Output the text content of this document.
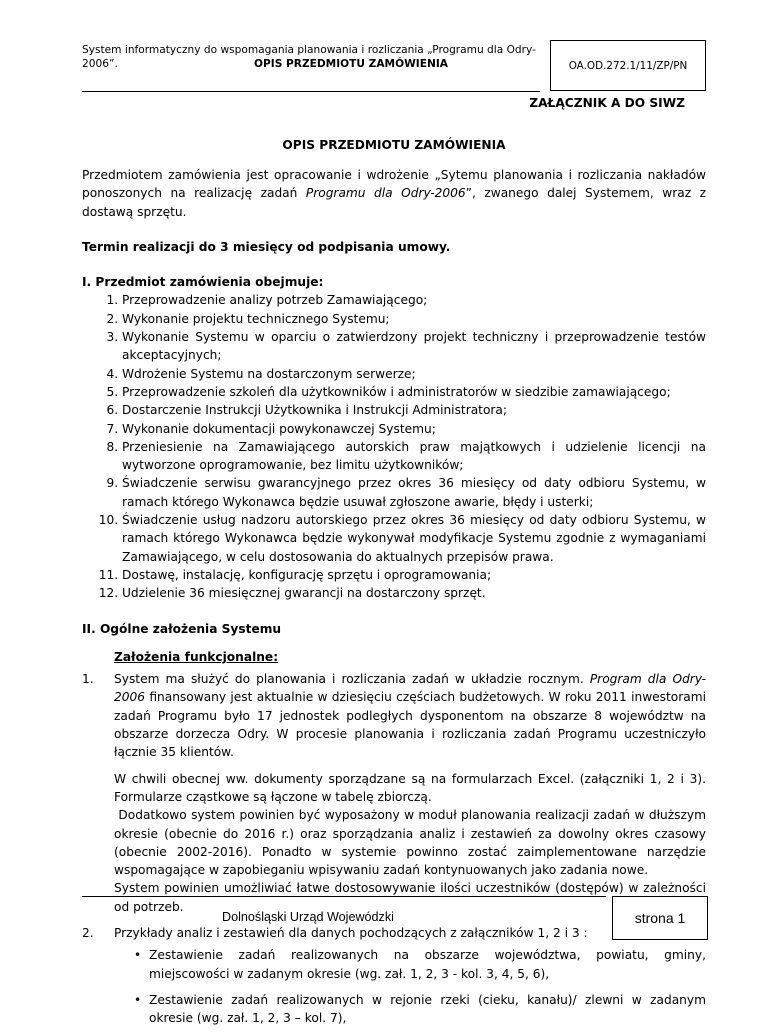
System informatyczny do wspomagania planowania i rozliczania „Programu dla Odry-
2006”.	OPIS PRZEDMIOTU ZAMÓWIENIA	OA.OD.272.1/11/ZP/PN
ZAŁĄCZNIK A DO SIWZ
OPIS PRZEDMIOTU ZAMÓWIENIA

Przedmiotem zamówienia jest opracowanie i wdrożenie „Sytemu planowania i rozliczania nakładów ponoszonych na realizację zadań Programu dla Odry-2006”, zwanego dalej Systemem, wraz z dostawą sprzętu.

Termin realizacji do 3 miesięcy od podpisania umowy.

I. Przedmiot zamówienia obejmuje:

1. Przeprowadzenie analizy potrzeb Zamawiającego;
2. Wykonanie projektu technicznego Systemu;
3. Wykonanie Systemu w oparciu o zatwierdzony projekt techniczny i przeprowadzenie testów akceptacyjnych;
4. Wdrożenie Systemu na dostarczonym serwerze;
5. Przeprowadzenie szkoleń dla użytkowników i administratorów w siedzibie zamawiającego;
6. Dostarczenie Instrukcji Użytkownika i Instrukcji Administratora;
7. Wykonanie dokumentacji powykonawczej Systemu;
8. Przeniesienie na Zamawiającego autorskich praw majątkowych i udzielenie licencji na wytworzone oprogramowanie, bez limitu użytkowników;
9. Świadczenie serwisu gwarancyjnego przez okres 36 miesięcy od daty odbioru Systemu, w ramach którego Wykonawca będzie usuwał zgłoszone awarie, błędy i usterki;
10. Świadczenie usług nadzoru autorskiego przez okres 36 miesięcy od daty odbioru Systemu, w ramach którego Wykonawca będzie wykonywał modyfikacje Systemu zgodnie z wymaganiami Zamawiającego, w celu dostosowania do aktualnych przepisów prawa.
11. Dostawę, instalację, konfigurację sprzętu i oprogramowania;
12. Udzielenie 36 miesięcznej gwarancji na dostarczony sprzęt.

II. Ogólne założenia Systemu

Założenia funkcjonalne:
1.	System ma służyć do planowania i rozliczania zadań w układzie rocznym. Program dla Odry-2006 finansowany jest aktualnie w dziesięciu częściach budżetowych. W roku 2011 inwestorami zadań Programu było 17 jednostek podległych dysponentom na obszarze 8 województw na obszarze dorzecza Odry. W procesie planowania i rozliczania zadań Programu uczestniczyło łącznie 35 klientów.

W chwili obecnej ww. dokumenty sporządzane są na formularzach Excel. (załączniki 1, 2 i 3). Formularze cząstkowe są łączone w tabelę zbiorczą.

Dodatkowo system powinien być wyposażony w moduł planowania realizacji zadań w dłuższym okresie (obecnie do 2016 r.) oraz sporządzania analiz i zestawień za dowolny okres czasowy (obecnie 2002-2016). Ponadto w systemie powinno zostać zaimplementowane narzędzie wspomagające w zapobieganiu wpisywaniu zadań kontynuowanych jako zadania nowe.

System powinien umożliwiać łatwe dostosowywanie ilości uczestników (dostępów) w zależności od potrzeb.

2.	Przykłady analiz i zestawień dla danych pochodzących z załączników 1, 2 i 3 :

• Zestawienie zadań realizowanych na obszarze województwa, powiatu, gminy, miejscowości w zadanym okresie (wg. zał. 1, 2, 3 - kol. 3, 4, 5, 6),
• Zestawienie zadań realizowanych w rejonie rzeki (cieku, kanału)/ zlewni w zadanym okresie (wg. zał. 1, 2, 3 – kol. 7),
Dolnośląski Urząd Wojewódzki	strona 1
